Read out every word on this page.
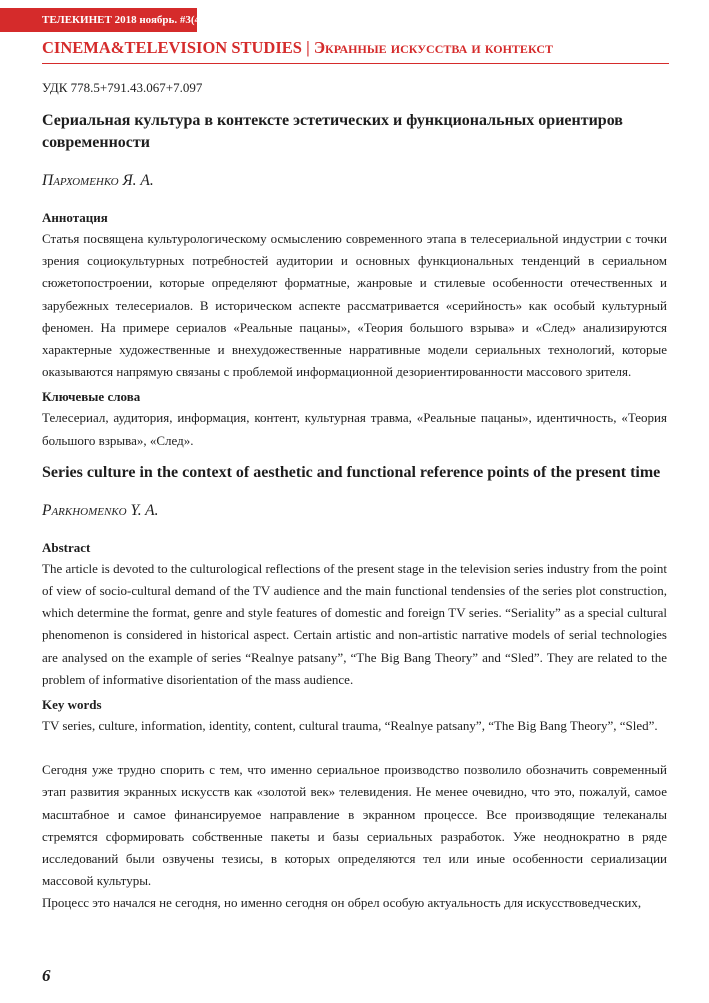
ТЕЛЕКИНЕТ 2018 ноябрь. #3(4)
CINEMA&TELEVISION STUDIES | Экранные искусства и контекст

УДК 778.5+791.43.067+7.097

Сериальная культура в контексте эстетических и функциональных ориентиров современности

Пархоменко Я. А.

Аннотация

Статья посвящена культурологическому осмыслению современного этапа в телесериальной индустрии с точки зрения социокультурных потребностей аудитории и основных функциональных тенденций в сериальном сюжетопостроении, которые определяют форматные, жанровые и стилевые особенности отечественных и зарубежных телесериалов. В историческом аспекте рассматривается «серийность» как особый культурный феномен. На примере сериалов «Реальные пацаны», «Теория большого взрыва» и «След» анализируются характерные художественные и внехудожественные нарративные модели сериальных технологий, которые оказываются напрямую связаны с проблемой информационной дезориентированности массового зрителя.

Ключевые слова

Телесериал, аудитория, информация, контент, культурная травма, «Реальные пацаны», идентичность, «Теория большого взрыва», «След».

Series culture in the context of aesthetic and functional reference points of the present time

Parkhomenko Y. A.

Abstract

The article is devoted to the culturological reflections of the present stage in the television series industry from the point of view of socio-cultural demand of the TV audience and the main functional tendensies of the series plot construction, which determine the format, genre and style features of domestic and foreign TV series. “Seriality” as a special cultural phenomenon is considered in historical aspect. Certain artistic and non-artistic narrative models of serial technologies are analysed on the example of series “Realnye patsany”, “The Big Bang Theory” and “Sled”. They are related to the problem of informative disorientation of the mass audience.

Key words

TV series, culture, information, identity, content, cultural trauma, “Realnye patsany”, “The Big Bang Theory”, “Sled”.

Сегодня уже трудно спорить с тем, что именно сериальное производство позволило обозначить современный этап развития экранных искусств как «золотой век» телевидения. Не менее очевидно, что это, пожалуй, самое масштабное и самое финансируемое направление в экранном процессе. Все производящие телеканалы стремятся сформировать собственные пакеты и базы сериальных разработок. Уже неоднократно в ряде исследований были озвучены тезисы, в которых определяются тел или иные особенности сериализации массовой культуры.

Процесс это начался не сегодня, но именно сегодня он обрел особую актуальность для искусствоведческих,

6
